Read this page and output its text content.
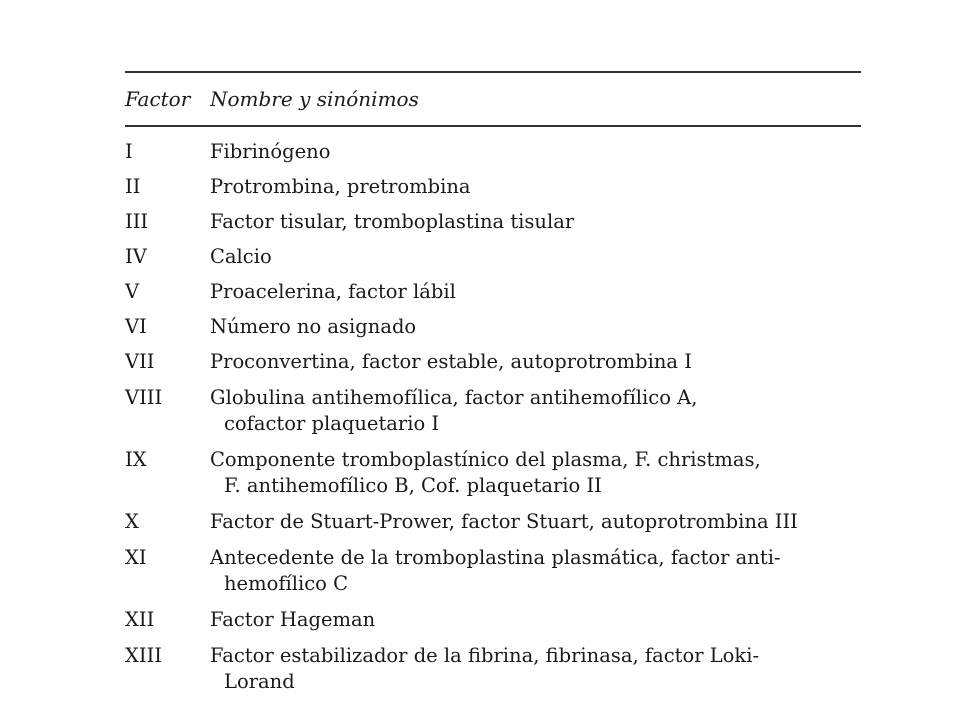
Factor Nombre y sinónimos
I	Fibrinógeno
II	Protrombina, pretrombina
III	Factor tisular, tromboplastina tisular
IV	Calcio
V	Proacelerina, factor lábil
VI	Número no asignado
VII	Proconvertina, factor estable, autoprotrombina I
VIII	Globulina antihemofílica, factor antihemofílico A,
cofactor plaquetario I
IX	Componente tromboplastínico del plasma, F. christmas,
F. antihemofílico B, Cof. plaquetario II
X	Factor de Stuart-Prower, factor Stuart, autoprotrombina III
XI	Antecedente de la tromboplastina plasmática, factor anti-
hemofílico C
XII	Factor Hageman
XIII	Factor estabilizador de la fibrina, fibrinasa, factor Loki-
Lorand
